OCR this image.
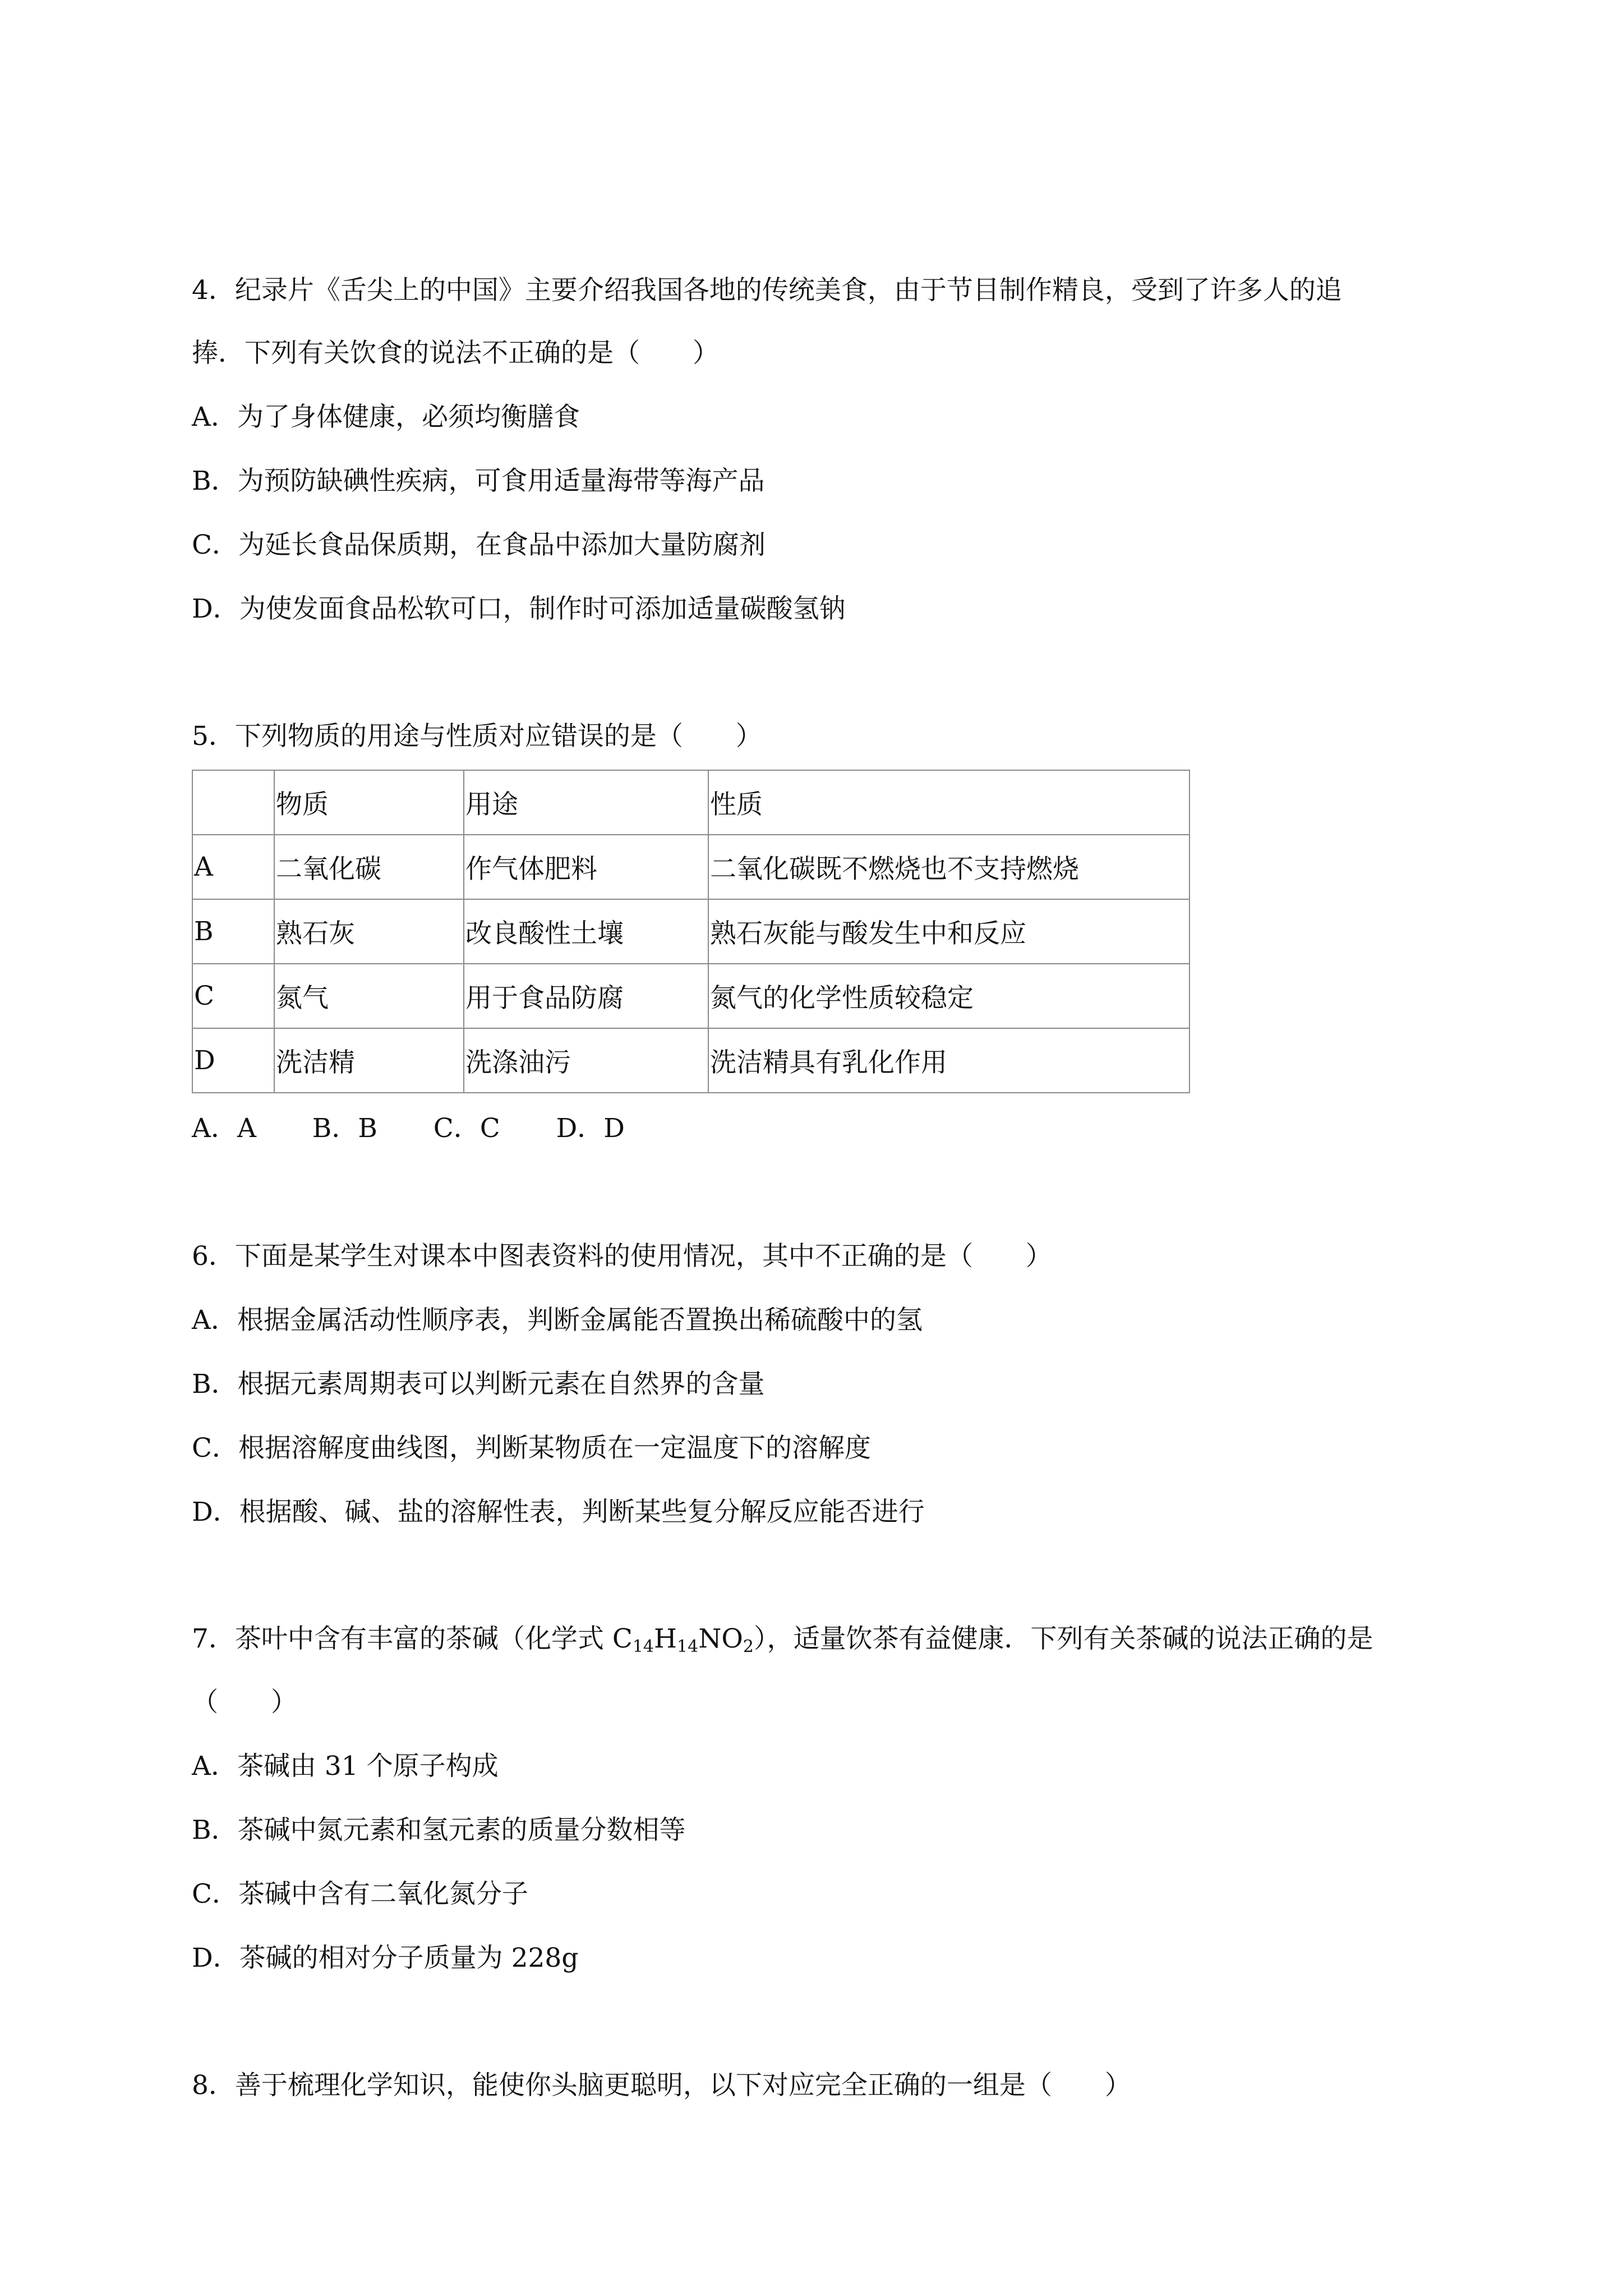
4．纪录片《舌尖上的中国》主要介绍我国各地的传统美食，由于节目制作精良，受到了许多人的追
捧．下列有关饮食的说法不正确的是（　　）
A．为了身体健康，必须均衡膳食
B．为预防缺碘性疾病，可食用适量海带等海产品
C．为延长食品保质期，在食品中添加大量防腐剂
D．为使发面食品松软可口，制作时可添加适量碳酸氢钠
5．下列物质的用途与性质对应错误的是（　　）
	物质	用途	性质
A	二氧化碳	作气体肥料	二氧化碳既不燃烧也不支持燃烧
B	熟石灰	改良酸性土壤	熟石灰能与酸发生中和反应
C	氮气	用于食品防腐	氮气的化学性质较稳定
D	洗洁精	洗涤油污	洗洁精具有乳化作用
A．A B．B C．C D．D
6．下面是某学生对课本中图表资料的使用情况，其中不正确的是（　　）
A．根据金属活动性顺序表，判断金属能否置换出稀硫酸中的氢
B．根据元素周期表可以判断元素在自然界的含量
C．根据溶解度曲线图，判断某物质在一定温度下的溶解度
D．根据酸、碱、盐的溶解性表，判断某些复分解反应能否进行
7．茶叶中含有丰富的茶碱（化学式 $C_{14}H_{14}NO_2$），适量饮茶有益健康．下列有关茶碱的说法正确的是
（　　）
A．茶碱由 31 个原子构成
B．茶碱中氮元素和氢元素的质量分数相等
C．茶碱中含有二氧化氮分子
D．茶碱的相对分子质量为 228g
8．善于梳理化学知识，能使你头脑更聪明，以下对应完全正确的一组是（　　）
